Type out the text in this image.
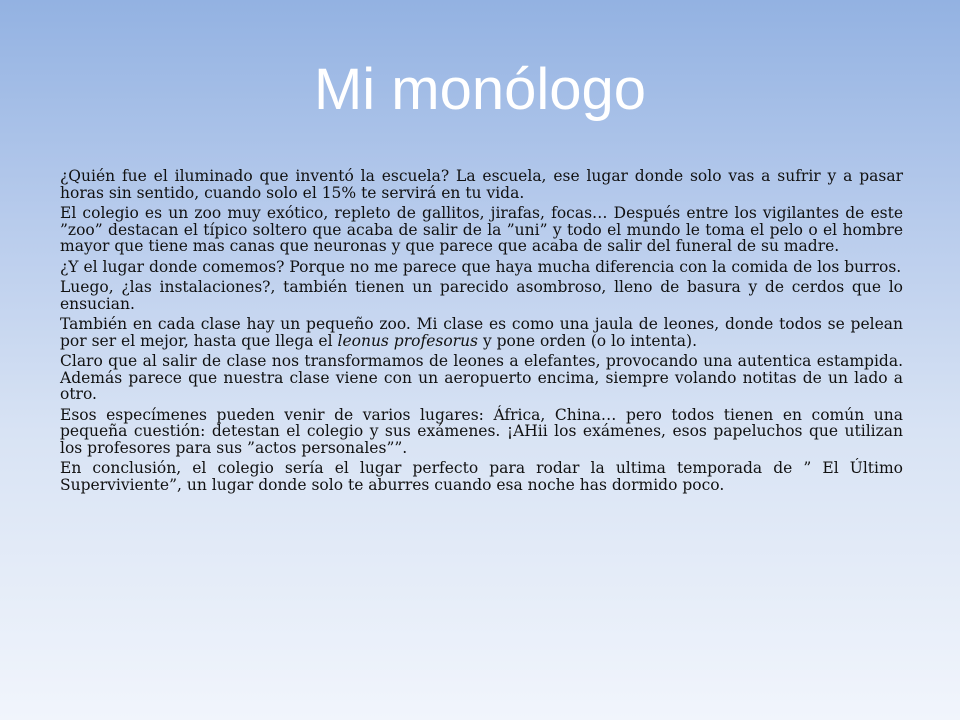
Mi monólogo

¿Quién fue el iluminado que inventó la escuela? La escuela, ese lugar donde solo vas a sufrir y a pasar horas sin sentido, cuando solo el 15% te servirá en tu vida.

El colegio es un zoo muy exótico, repleto de gallitos, jirafas, focas… Después entre los vigilantes de este ”zoo” destacan el típico soltero que acaba de salir de la ”uni” y todo el mundo le toma el pelo o el hombre mayor que tiene mas canas que neuronas y que parece que acaba de salir del funeral de su madre.

¿Y el lugar donde comemos? Porque no me parece que haya mucha diferencia con la comida de los burros.

Luego, ¿las instalaciones?, también tienen un parecido asombroso, lleno de basura y de cerdos que lo ensucian.

También en cada clase hay un pequeño zoo. Mi clase es como una jaula de leones, donde todos se pelean por ser el mejor, hasta que llega el leonus profesorus y pone orden (o lo intenta).

Claro que al salir de clase nos transformamos de leones a elefantes, provocando una autentica estampida. Además parece que nuestra clase viene con un aeropuerto encima, siempre volando notitas de un lado a otro.

Esos especímenes pueden venir de varios lugares: África, China… pero todos tienen en común una pequeña cuestión: detestan el colegio y sus exámenes. ¡AHii los exámenes, esos papeluchos que utilizan los profesores para sus ”actos personales””.

En conclusión, el colegio sería el lugar perfecto para rodar la ultima temporada de ” El Último Superviviente”, un lugar donde solo te aburres cuando esa noche has dormido poco.
